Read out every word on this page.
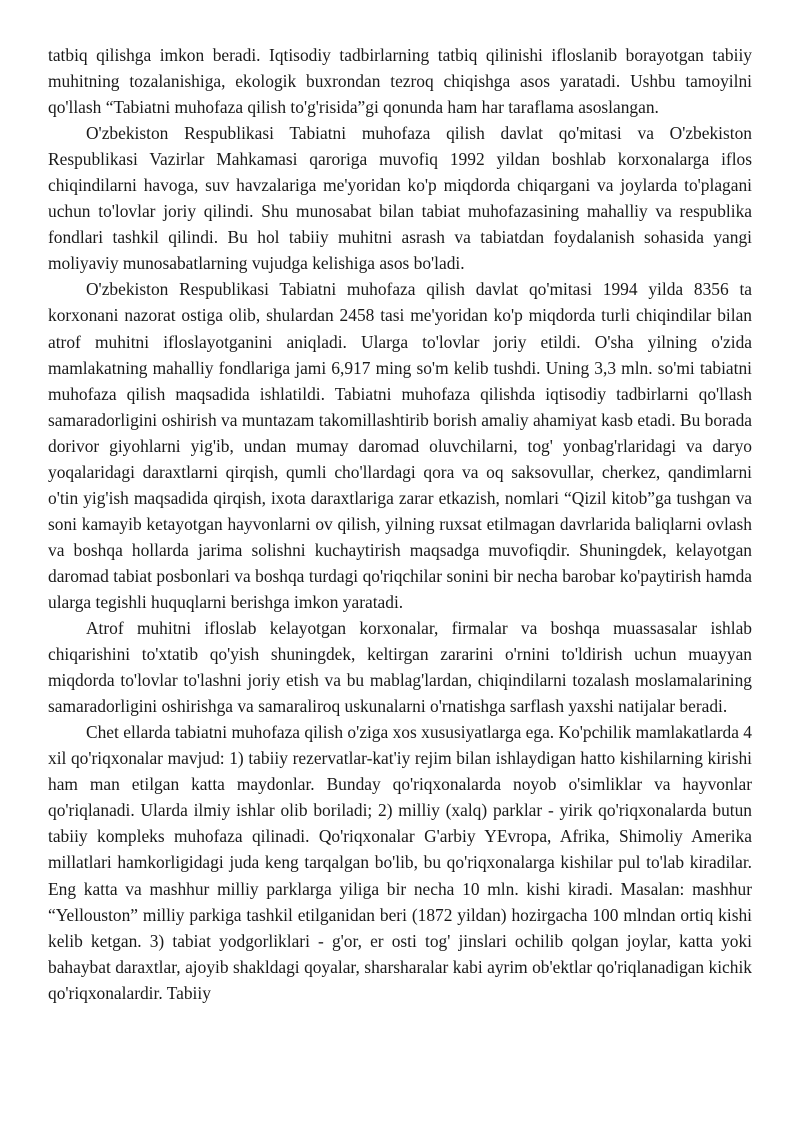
tatbiq qilishga imkon beradi. Iqtisodiy tadbirlarning tatbiq qilinishi ifloslanib borayotgan tabiiy muhitning tozalanishiga, ekologik buxrondan tezroq chiqishga asos yaratadi. Ushbu tamoyilni qo'llash “Tabiatni muhofaza qilish to'g'risida”gi qonunda ham har taraflama asoslangan.

O'zbekiston Respublikasi Tabiatni muhofaza qilish davlat qo'mitasi va O'zbekiston Respublikasi Vazirlar Mahkamasi qaroriga muvofiq 1992 yildan boshlab korxonalarga iflos chiqindilarni havoga, suv havzalariga me'yoridan ko'p miqdorda chiqargani va joylarda to'plagani uchun to'lovlar joriy qilindi. Shu munosabat bilan tabiat muhofazasining mahalliy va respublika fondlari tashkil qilindi. Bu hol tabiiy muhitni asrash va tabiatdan foydalanish sohasida yangi moliyaviy munosabatlarning vujudga kelishiga asos bo'ladi.

O'zbekiston Respublikasi Tabiatni muhofaza qilish davlat qo'mitasi 1994 yilda 8356 ta korxonani nazorat ostiga olib, shulardan 2458 tasi me'yoridan ko'p miqdorda turli chiqindilar bilan atrof muhitni ifloslayotganini aniqladi. Ularga to'lovlar joriy etildi. O'sha yilning o'zida mamlakatning mahalliy fondlariga jami 6,917 ming so'm kelib tushdi. Uning 3,3 mln. so'mi tabiatni muhofaza qilish maqsadida ishlatildi. Tabiatni muhofaza qilishda iqtisodiy tadbirlarni qo'llash samaradorligini oshirish va muntazam takomillashtirib borish amaliy ahamiyat kasb etadi. Bu borada dorivor giyohlarni yig'ib, undan mumay daromad oluvchilarni, tog' yonbag'rlaridagi va daryo yoqalaridagi daraxtlarni qirqish, qumli cho'llardagi qora va oq saksovullar, cherkez, qandimlarni o'tin yig'ish maqsadida qirqish, ixota daraxtlariga zarar etkazish, nomlari “Qizil kitob”ga tushgan va soni kamayib ketayotgan hayvonlarni ov qilish, yilning ruxsat etilmagan davrlarida baliqlarni ovlash va boshqa hollarda jarima solishni kuchaytirish maqsadga muvofiqdir. Shuningdek, kelayotgan daromad tabiat posbonlari va boshqa turdagi qo'riqchilar sonini bir necha barobar ko'paytirish hamda ularga tegishli huquqlarni berishga imkon yaratadi.

Atrof muhitni ifloslab kelayotgan korxonalar, firmalar va boshqa muassasalar ishlab chiqarishini to'xtatib qo'yish shuningdek, keltirgan zararini o'rnini to'ldirish uchun muayyan miqdorda to'lovlar to'lashni joriy etish va bu mablag'lardan, chiqindilarni tozalash moslamalarining samaradorligini oshirishga va samaraliroq uskunalarni o'rnatishga sarflash yaxshi natijalar beradi.

Chet ellarda tabiatni muhofaza qilish o'ziga xos xususiyatlarga ega. Ko'pchilik mamlakatlarda 4 xil qo'riqxonalar mavjud: 1) tabiiy rezervatlar-kat'iy rejim bilan ishlaydigan hatto kishilarning kirishi ham man etilgan katta maydonlar. Bunday qo'riqxonalarda noyob o'simliklar va hayvonlar qo'riqlanadi. Ularda ilmiy ishlar olib boriladi; 2) milliy (xalq) parklar - yirik qo'riqxonalarda butun tabiiy kompleks muhofaza qilinadi. Qo'riqxonalar G'arbiy YEvropa, Afrika, Shimoliy Amerika millatlari hamkorligidagi juda keng tarqalgan bo'lib, bu qo'riqxonalarga kishilar pul to'lab kiradilar. Eng katta va mashhur milliy parklarga yiliga bir necha 10 mln. kishi kiradi. Masalan: mashhur “Yellouston” milliy parkiga tashkil etilganidan beri (1872 yildan) hozirgacha 100 mlndan ortiq kishi kelib ketgan. 3) tabiat yodgorliklari - g'or, er osti tog' jinslari ochilib qolgan joylar, katta yoki bahaybat daraxtlar, ajoyib shakldagi qoyalar, sharsharalar kabi ayrim ob'ektlar qo'riqlanadigan kichik qo'riqxonalardir. Tabiiy
